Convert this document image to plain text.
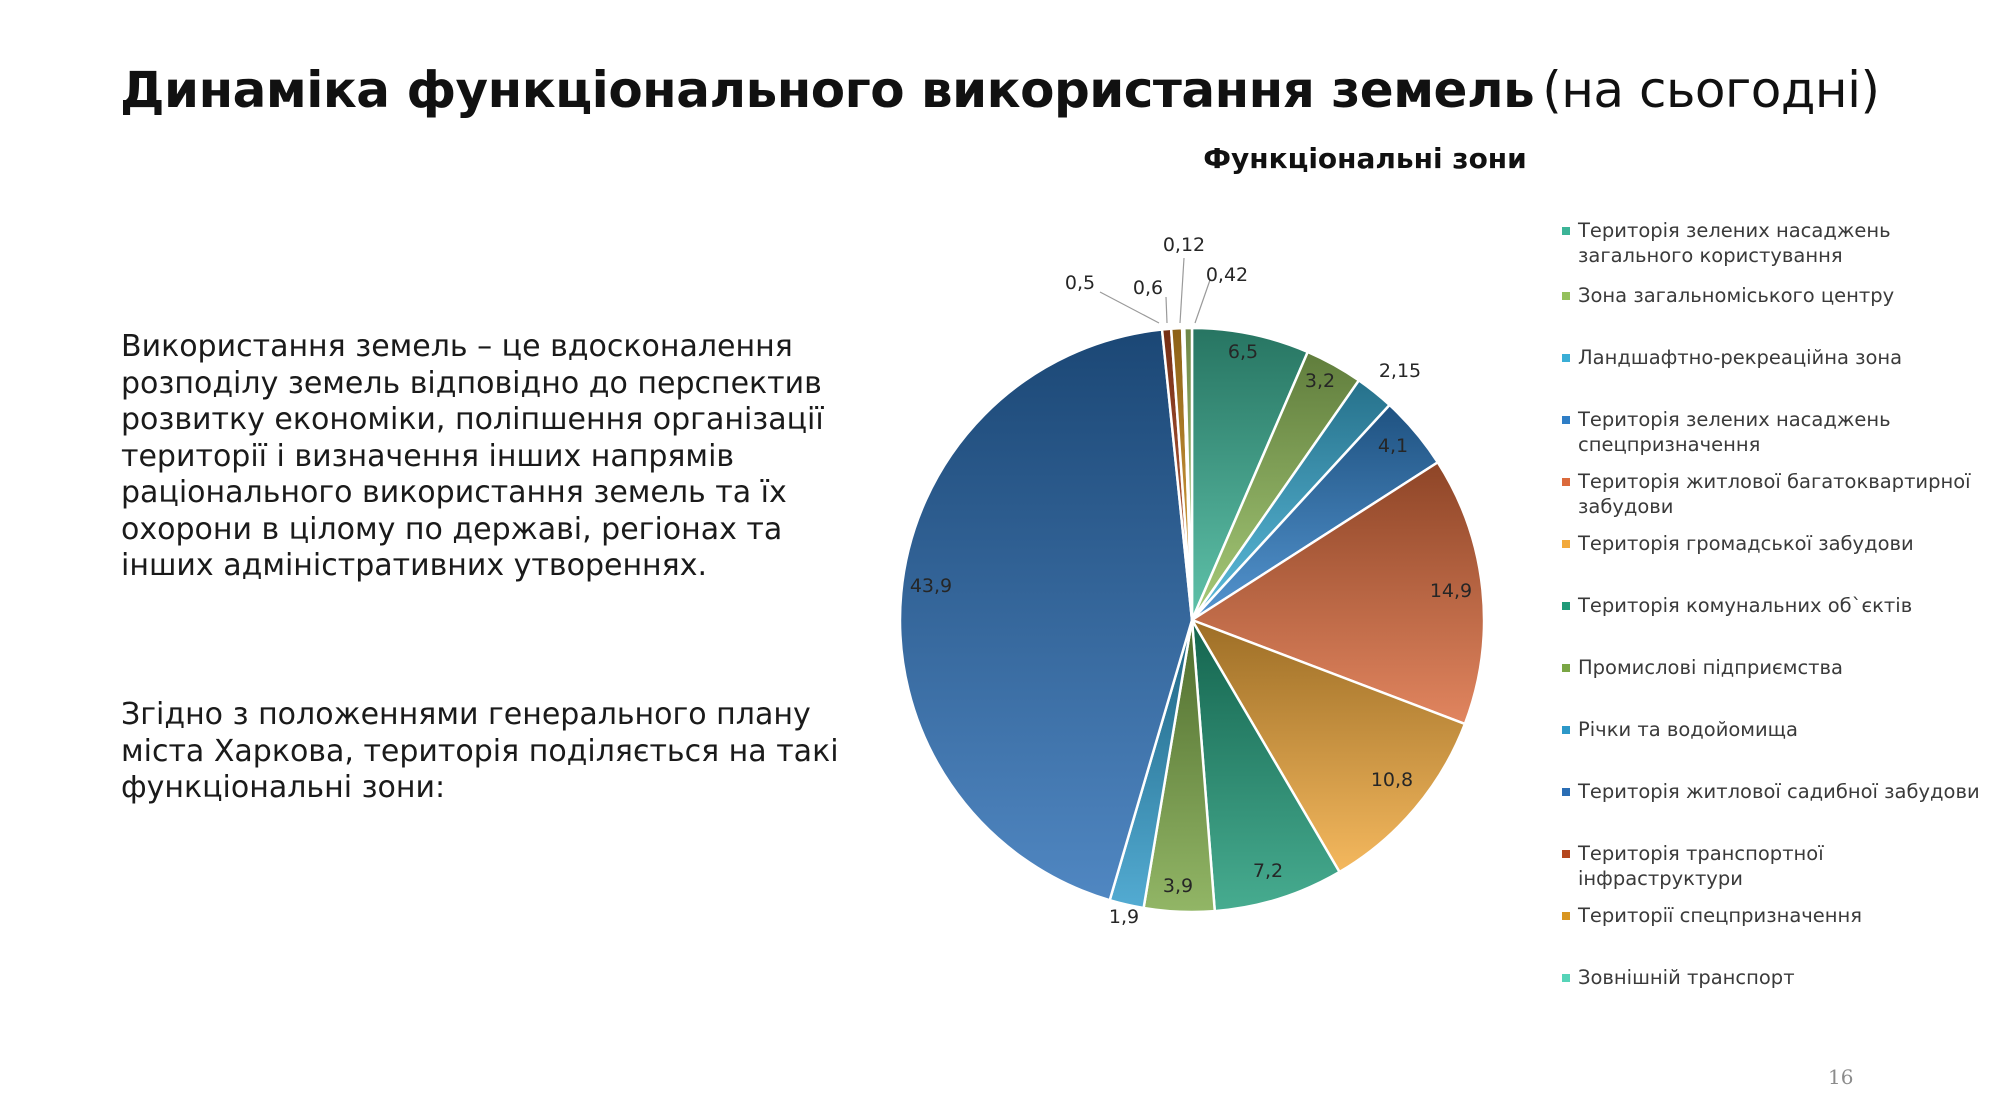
Динаміка функціонального використання земель (на сьогодні)

Використання земель – це вдосконалення розподілу земель відповідно до перспектив розвитку економіки, поліпшення організації території і визначення інших напрямів раціонального використання земель та їх охорони в цілому по державі, регіонах та інших адміністративних утвореннях.

Згідно з положеннями генерального плану міста Харкова, територія поділяється на такі функціональні зони:

Функціональні зони
6,5
3,2 2,15
4,1
14,9
10,8
7,2
3,9
1,9
43,9
0,5 0,6
0,12
0,42
Територія зелених насаджень загального користування
Зона загальноміського центру
Ландшафтно-рекреаційна зона
Територія зелених насаджень спецпризначення
Територія житлової багатоквартирної забудови
Територія громадської забудови
Територія комунальних об`єктів
Промислові підприємства
Річки та водойомища
Територія житлової садибної забудови
Територія транспортної інфраструктури
Території спецпризначення
Зовнішній транспорт
16
